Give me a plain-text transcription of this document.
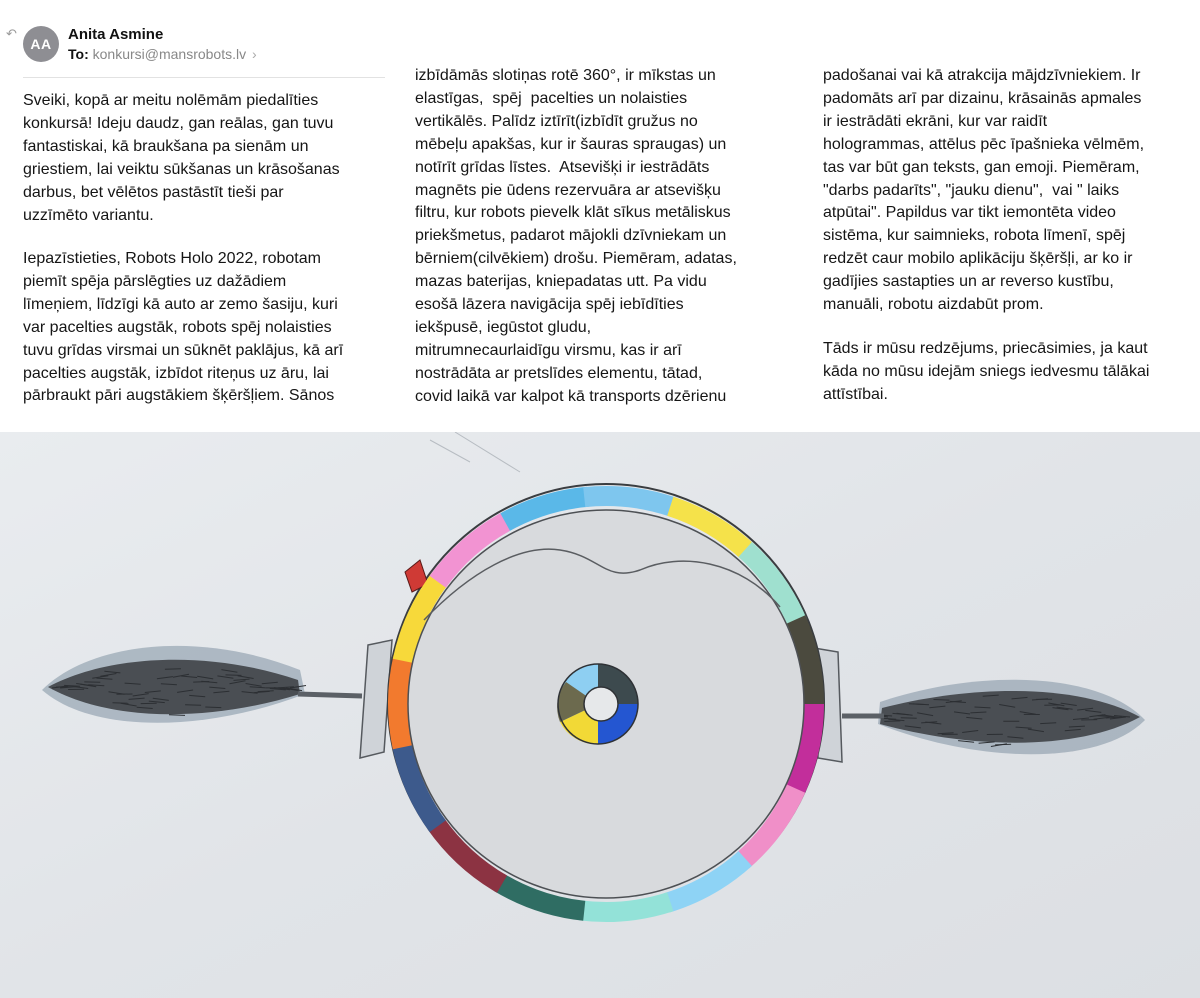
↶
AA
Anita Asmine
To: konkursi@mansrobots.lv ›

Sveiki, kopā ar meitu nolēmām piedalīties
konkursā! Ideju daudz, gan reālas, gan tuvu
fantastiskai, kā braukšana pa sienām un
griestiem, lai veiktu sūkšanas un krāsošanas
darbus, bet vēlētos pastāstīt tieši par
uzzīmēto variantu.

Iepazīstieties, Robots Holo 2022, robotam
piemīt spēja pārslēgties uz dažādiem
līmeņiem, līdzīgi kā auto ar zemo šasiju, kuri
var pacelties augstāk, robots spēj nolaisties
tuvu grīdas virsmai un sūknēt paklājus, kā arī
pacelties augstāk, izbīdot riteņus uz āru, lai
pārbraukt pāri augstākiem šķēršļiem. Sānos

izbīdāmās slotiņas rotē 360°, ir mīkstas un
elastīgas,  spēj  pacelties un nolaisties
vertikālēs. Palīdz iztīrīt(izbīdīt gružus no
mēbeļu apakšas, kur ir šauras spraugas) un
notīrīt grīdas līstes.  Atsevišķi ir iestrādāts
magnēts pie ūdens rezervuāra ar atsevišķu
filtru, kur robots pievelk klāt sīkus metāliskus
priekšmetus, padarot mājokli dzīvniekam un
bērniem(cilvēkiem) drošu. Piemēram, adatas,
mazas baterijas, kniepadatas utt. Pa vidu
esošā lāzera navigācija spēj iebīdīties
iekšpusē, iegūstot gludu,
mitrumnecaurlaidīgu virsmu, kas ir arī
nostrādāta ar pretslīdes elementu, tātad,
covid laikā var kalpot kā transports dzērienu

padošanai vai kā atrakcija mājdzīvniekiem. Ir
padomāts arī par dizainu, krāsainās apmales
ir iestrādāti ekrāni, kur var raidīt
hologrammas, attēlus pēc īpašnieka vēlmēm,
tas var būt gan teksts, gan emoji. Piemēram,
"darbs padarīts", "jauku dienu",  vai " laiks
atpūtai". Papildus var tikt iemontēta video
sistēma, kur saimnieks, robota līmenī, spēj
redzēt caur mobilo aplikāciju šķēršļi, ar ko ir
gadījies sastapties un ar reverso kustību,
manuāli, robotu aizdabūt prom.

Tāds ir mūsu redzējums, priecāsimies, ja kaut
kāda no mūsu idejām sniegs iedvesmu tālākai
attīstībai.
